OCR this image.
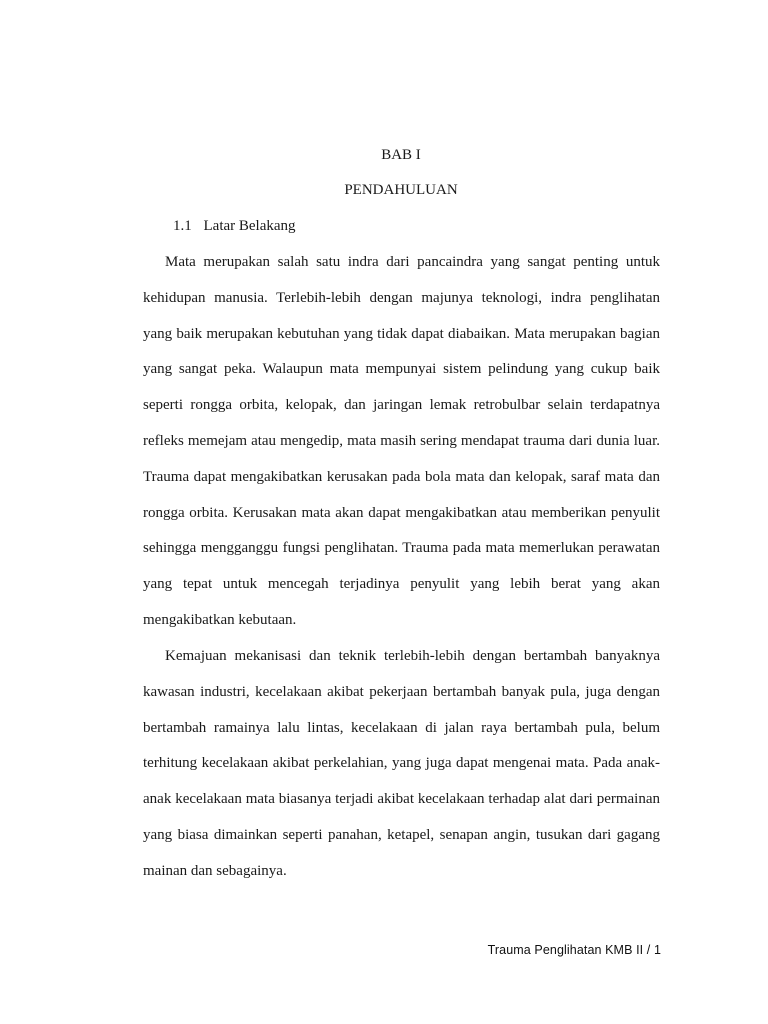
BAB I
PENDAHULUAN
1.1 Latar Belakang
Mata merupakan salah satu indra dari pancaindra yang sangat penting untuk
kehidupan manusia. Terlebih-lebih dengan majunya teknologi, indra penglihatan
yang baik merupakan kebutuhan yang tidak dapat diabaikan. Mata merupakan bagian
yang sangat peka. Walaupun mata mempunyai sistem pelindung yang cukup baik
seperti rongga orbita, kelopak, dan jaringan lemak retrobulbar selain terdapatnya
refleks memejam atau mengedip, mata masih sering mendapat trauma dari dunia luar.
Trauma dapat mengakibatkan kerusakan pada bola mata dan kelopak, saraf mata dan
rongga orbita. Kerusakan mata akan dapat mengakibatkan atau memberikan penyulit
sehingga mengganggu fungsi penglihatan. Trauma pada mata memerlukan perawatan
yang tepat untuk mencegah terjadinya penyulit yang lebih berat yang akan
mengakibatkan kebutaan.
Kemajuan mekanisasi dan teknik terlebih-lebih dengan bertambah banyaknya
kawasan industri, kecelakaan akibat pekerjaan bertambah banyak pula, juga dengan
bertambah ramainya lalu lintas, kecelakaan di jalan raya bertambah pula, belum
terhitung kecelakaan akibat perkelahian, yang juga dapat mengenai mata. Pada anak-
anak kecelakaan mata biasanya terjadi akibat kecelakaan terhadap alat dari permainan
yang biasa dimainkan seperti panahan, ketapel, senapan angin, tusukan dari gagang
mainan dan sebagainya.
Trauma Penglihatan KMB II / 1
